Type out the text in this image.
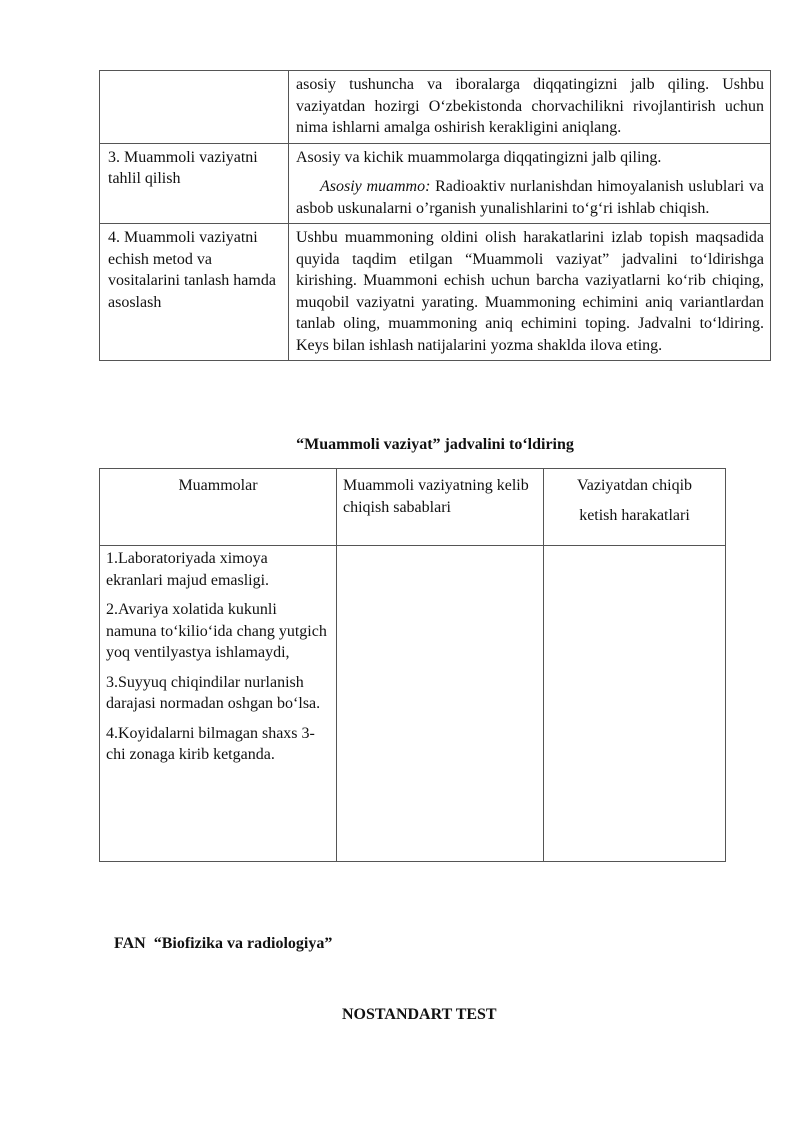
	asosiy tushuncha va iboralarga diqqatingizni jalb qiling. Ushbu vaziyatdan hozirgi O‘zbekistonda chorvachilikni rivojlantirish uchun nima ishlarni amalga oshirish kerakligini aniqlang.

3. Muammoli vaziyatni tahlil qilish	Asosiy va kichik muammolarga diqqatingizni jalb qiling.

Asosiy muammo: Radioaktiv nurlanishdan himoyalanish uslublari va asbob uskunalarni o’rganish yunalishlarini to‘g‘ri ishlab chiqish.

4. Muammoli vaziyatni echish metod va vositalarini tanlash hamda asoslash	Ushbu muammoning oldini olish harakatlarini izlab topish maqsadida quyida taqdim etilgan “Muammoli vaziyat” jadvalini to‘ldirishga kirishing. Muammoni echish uchun barcha vaziyatlarni ko‘rib chiqing, muqobil vaziyatni yarating. Muammoning echimini aniq variantlardan tanlab oling, muammoning aniq echimini toping. Jadvalni to‘ldiring. Keys bilan ishlash natijalarini yozma shaklda ilova eting.

“Muammoli vaziyat” jadvalini to‘ldiring
Muammolar	Muammoli vaziyatning kelib chiqish sabablari	Vaziyatdan chiqib
ketish harakatlari

1.Laboratoriyada ximoya ekranlari majud emasligi.

2.Avariya xolatida kukunli namuna to‘kilio‘ida chang yutgich yoq ventilyastya ishlamaydi,

3.Suyyuq chiqindilar nurlanish darajasi normadan oshgan bo‘lsa.

4.Koyidalarni bilmagan shaxs 3-chi zonaga kirib ketganda.		

FAN  “Biofizika va radiologiya”
NOSTANDART TEST
